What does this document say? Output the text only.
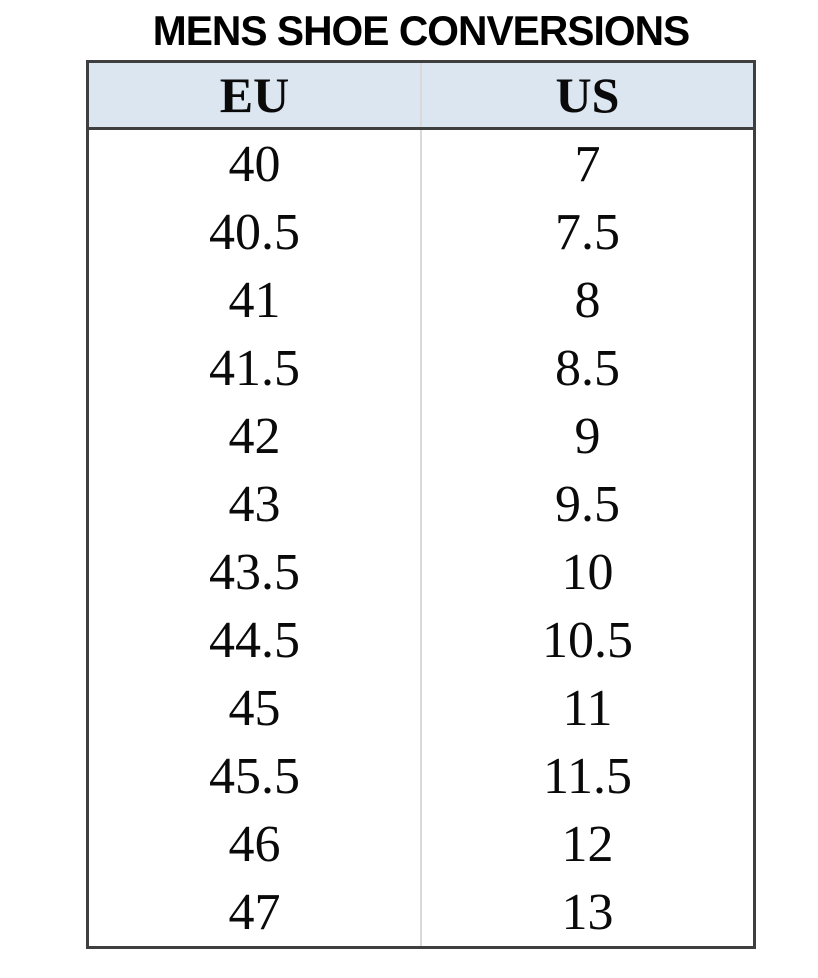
MENS SHOE CONVERSIONS
EU	US
40	7
40.5	7.5
41	8
41.5	8.5
42	9
43	9.5
43.5	10
44.5	10.5
45	11
45.5	11.5
46	12
47	13
